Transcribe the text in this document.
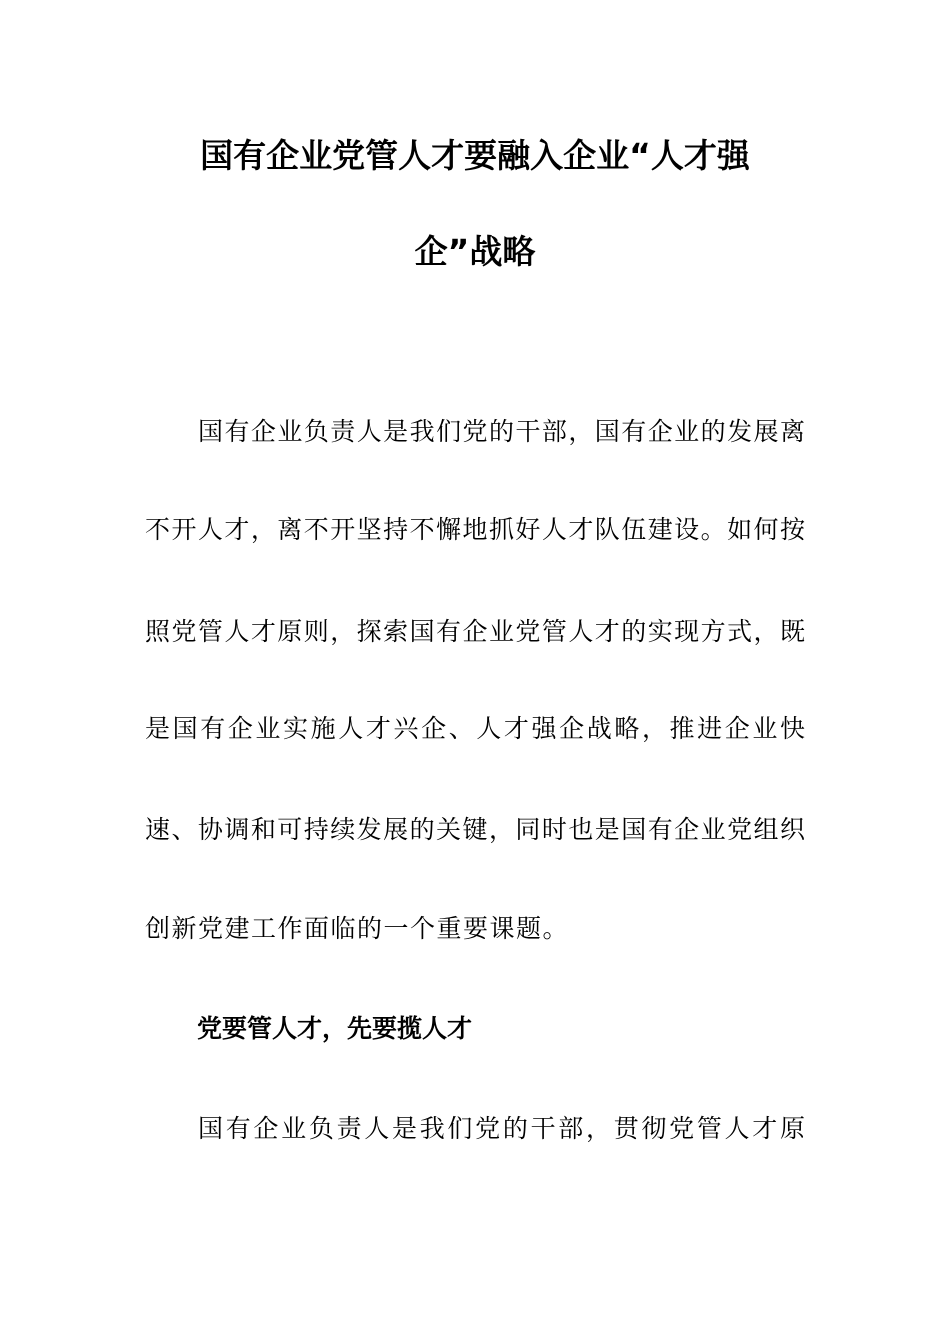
国有企业党管人才要融入企业“人才强
企”战略
国有企业负责人是我们党的干部，国有企业的发展离
不开人才，离不开坚持不懈地抓好人才队伍建设。如何按
照党管人才原则，探索国有企业党管人才的实现方式，既
是国有企业实施人才兴企、人才强企战略，推进企业快
速、协调和可持续发展的关键，同时也是国有企业党组织
创新党建工作面临的一个重要课题。
党要管人才，先要揽人才
国有企业负责人是我们党的干部，贯彻党管人才原
